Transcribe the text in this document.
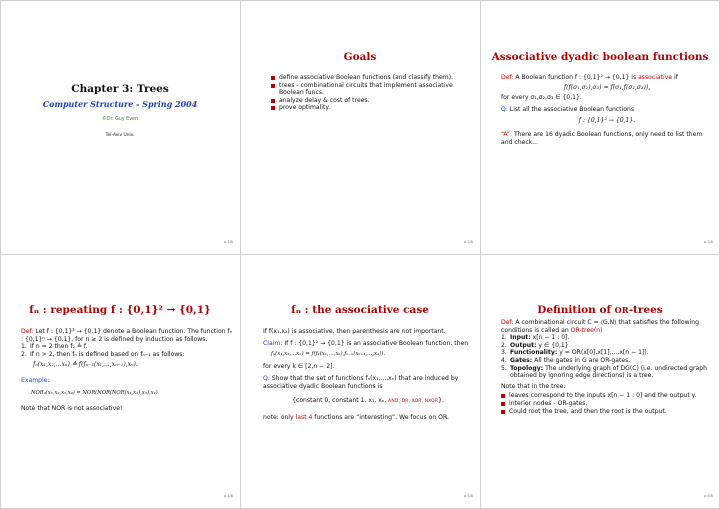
Chapter 3: Trees
Computer Structure - Spring 2004
©Dr. Guy Even
Tel-Aviv Univ.
p.1/8
Goals
define associative Boolean functions (and classify them).
trees - combinational circuits that implement associative Boolean funcs.
analyze delay & cost of trees.
prove optimality.
p.2/8
Associative dyadic boolean functions
Def: A Boolean function f : {0,1}² → {0,1} is associative if
f(f(σ₁,σ₂),σ₃) = f(σ₁,f(σ₂,σ₃)),
for every σ₁,σ₂,σ₃ ∈ {0,1}.
Q: List all the associative Boolean functions
f : {0,1}² → {0,1}.
“A”: There are 16 dyadic Boolean functions, only need to list them and check...
p.3/8
fₙ : repeating f : {0,1}² → {0,1}
Def: Let f : {0,1}² → {0,1} denote a Boolean function. The function fₙ : {0,1}ⁿ → {0,1}, for n ≥ 2 is defined by induction as follows.
1. If n = 2 then f₂ ≜ f.
2. If n > 2, then fₙ is defined based on fₙ₋₁ as follows:
fₙ(x₁,x₂,...xₙ) ≜ f(fₙ₋₁(x₁,...,xₙ₋₁),xₙ).
Example:
NOR₄(x₁,x₂,x₃,x₄) = NOR(NOR(NOR(x₁,x₂),x₃),x₄).
Note that NOR is not associative!
p.4/8
fₙ : the associative case
If f(x₁,x₂) is associative, then parenthesis are not important.
Claim: If f : {0,1}² → {0,1} is an associative Boolean function, then
fₙ(x₁,x₂,...xₙ) = f(fₖ(x₁,...,xₖ),fₙ₋ₖ(xₖ₊₁,...,xₙ)).
for every k ∈ [2,n − 2].
Q: Show that the set of functions fₙ(x₁,...,xₙ) that are induced by associative dyadic Boolean functions is
{constant 0, constant 1, x₁, xₙ, AND, OR, XOR, NXOR}.
note: only last 4 functions are “interesting”. We focus on OR.
p.5/8
Definition of OR-trees
Def: A combinational circuit C = ⟨G,N⟩ that satisfies the following conditions is called an OR-tree(n)
1. Input: x[n − 1 : 0].
2. Output: y ∈ {0,1}
3. Functionality: y = OR(x[0],x[1],...,x[n − 1]).
4. Gates: All the gates in G are OR-gates.
5. Topology: The underlying graph of DG(C) (i.e. undirected graph obtained by ignoring edge directions) is a tree.
Note that in the tree:
leaves correspond to the inputs x[n − 1 : 0] and the output y.
interior nodes - OR-gates.
Could root the tree, and then the root is the output.
p.6/8
